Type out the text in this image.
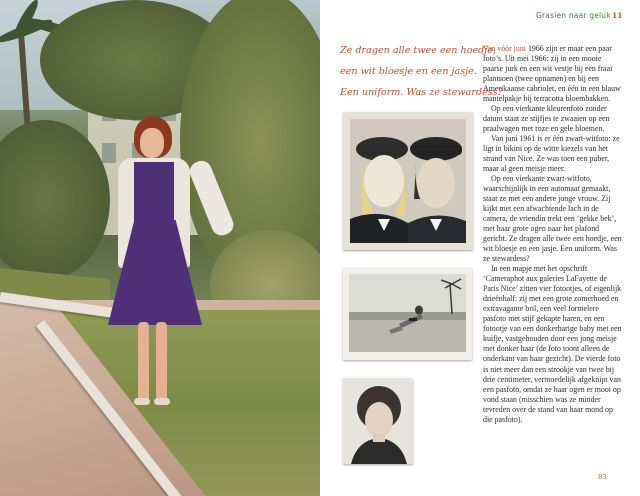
Grasien naar geluk 11
Ze dragen alle twee een hoedje,
een wit bloesje en een jasje.
Een uniform. Was ze stewardess?

Van vóór juni 1966 zijn er maar een paar foto’s. Uit mei 1966: zij in een mooie paarse jurk en een wit vestje bij een fraai plantsoen (twee opnamen) en bij een Amerikaanse cabriolet, en één in een blauw mantelpakje bij terracotta bloembakken.

Op een vierkante kleurenfoto zonder datum staat ze stijfjes te zwaaien op een praalwagen met roze en gele bloemen.

Van juni 1961 is er één zwart-witfoto: ze ligt in bikini op de witte kiezels van het strand van Nice. Ze was toen een puber, maar al geen meisje meer.

Op een vierkante zwart-witfoto, waarschijnlijk in een automaat gemaakt, staat ze met een andere jonge vrouw. Zij kijkt met een afwachtende lach in de camera, de vriendin trekt een ‘gekke bek’, met haar grote ogen naar het plafond gericht. Ze dragen alle twee een hoedje, een wit bloesje en een jasje. Een uniform. Was ze stewardess?

In een mapje met het opschrift ‘Cameraphot aux galeries LaFayette de Paris Nice’ zitten vier fotootjes, of eigenlijk drieënhalf: zij met een grote zomerhoed en extravagante bril, een veel formelere pasfoto met stijf gekapte haren, en een fotootje van een donkerharige baby met een kuifje, vastgehouden door een jong meisje met donker haar (de foto toont alleen de onderkant van haar gezicht). De vierde foto is niet meer dan een strookje van twee bij drie centimeter, vermoedelijk afgeknipt van een pasfoto, omdat ze haar ogen er mooi op vond staan (misschien was ze minder tevreden over de stand van haar mond op die pasfoto).

83
